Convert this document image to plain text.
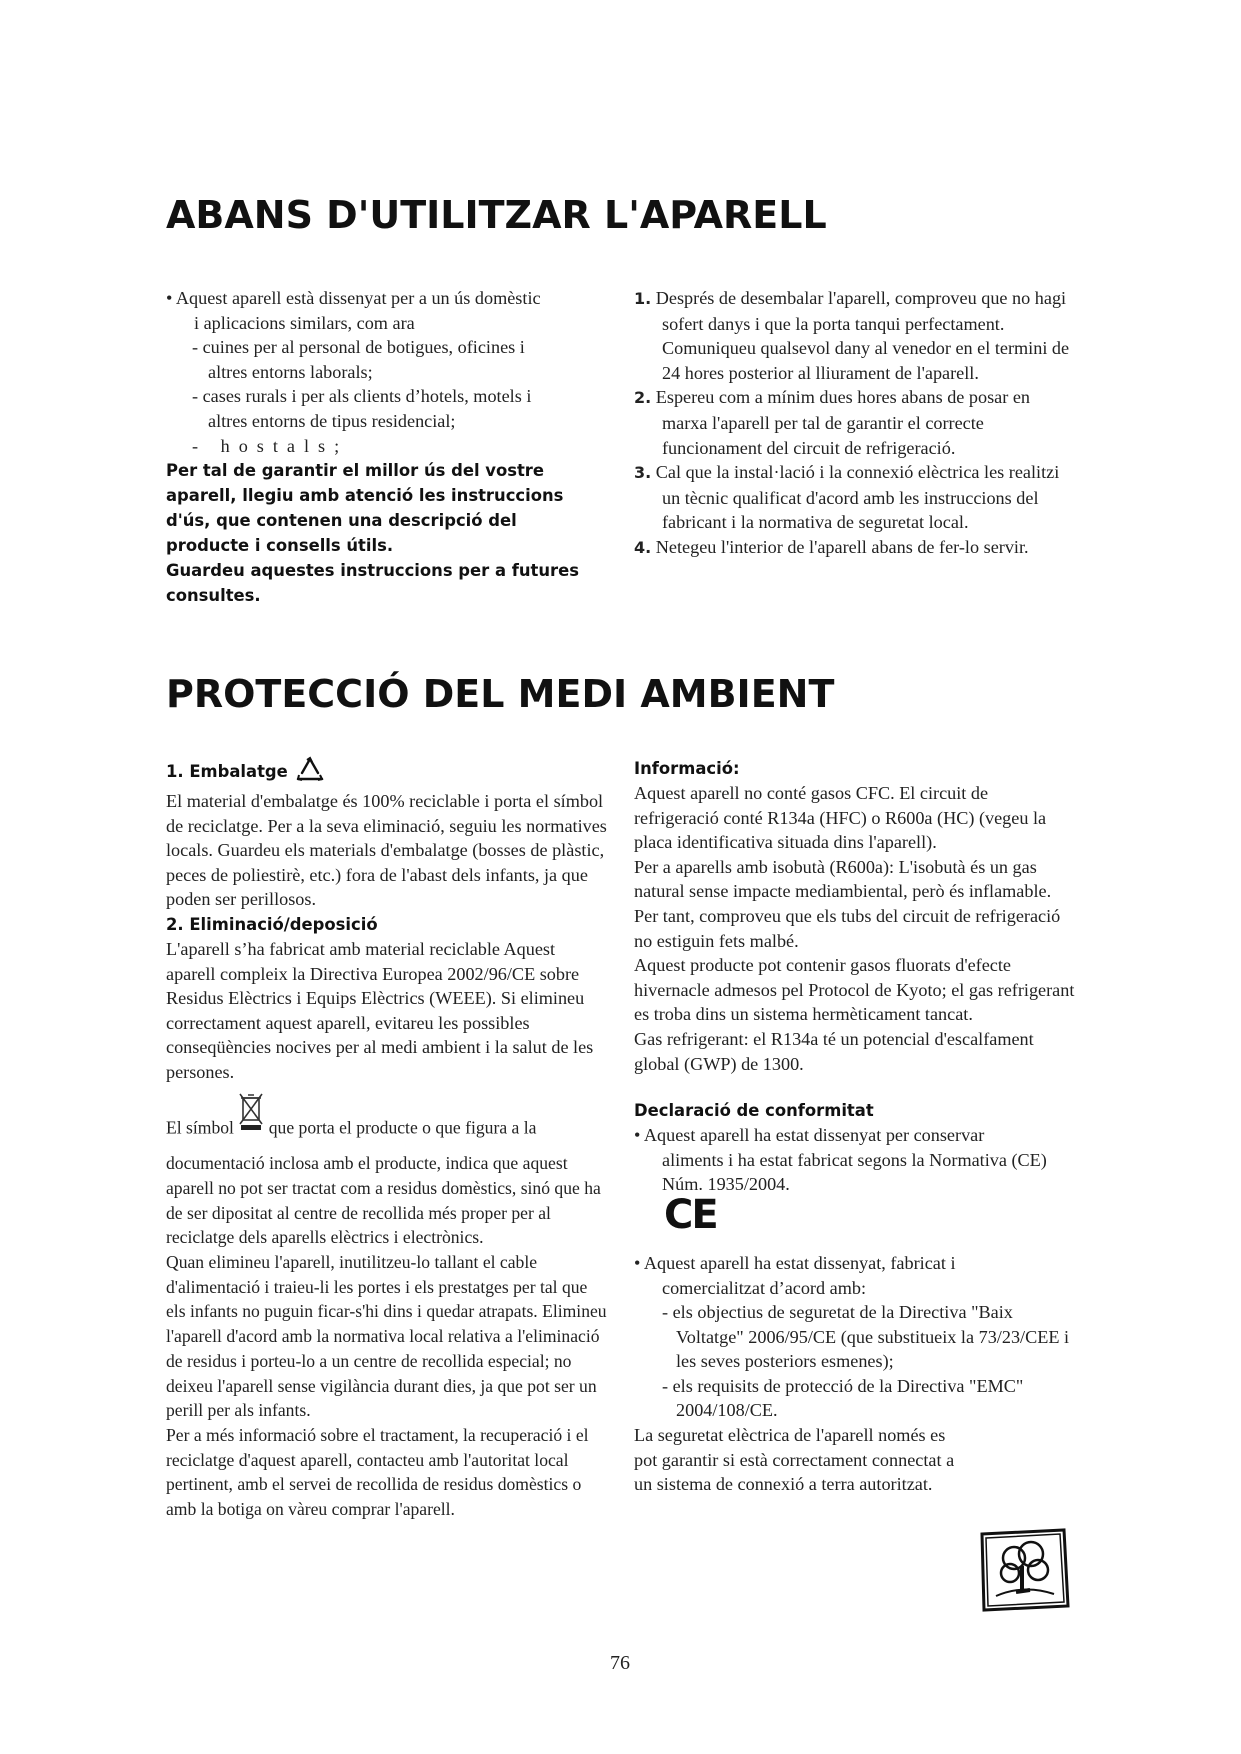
ABANS D'UTILITZAR L'APARELL
• Aquest aparell està dissenyat per a un ús domèstic
i aplicacions similars, com ara
- cuines per al personal de botigues, oficines i
altres entorns laborals;
- cases rurals i per als clients d’hotels, motels i
altres entorns de tipus residencial;
- hostals;
Per tal de garantir el millor ús del vostre aparell, llegiu amb atenció les instruccions d'ús, que contenen una descripció del producte i consells útils.
Guardeu aquestes instruccions per a futures consultes.
1. Després de desembalar l'aparell, comproveu que no hagi sofert danys i que la porta tanqui perfectament. Comuniqueu qualsevol dany al venedor en el termini de 24 hores posterior al lliurament de l'aparell.
2. Espereu com a mínim dues hores abans de posar en marxa l'aparell per tal de garantir el correcte funcionament del circuit de refrigeració.
3. Cal que la instal·lació i la connexió elèctrica les realitzi un tècnic qualificat d'acord amb les instruccions del fabricant i la normativa de seguretat local.
4. Netegeu l'interior de l'aparell abans de fer-lo servir.
PROTECCIÓ DEL MEDI AMBIENT
1. Embalatge

El material d'embalatge és 100% reciclable i porta el símbol de reciclatge. Per a la seva eliminació, seguiu les normatives locals. Guardeu els materials d'embalatge (bosses de plàstic, peces de poliestirè, etc.) fora de l'abast dels infants, ja que poden ser perillosos.

2. Eliminació/deposició

L'aparell s’ha fabricat amb material reciclable Aquest aparell compleix la Directiva Europea 2002/96/CE sobre Residus Elèctrics i Equips Elèctrics (WEEE). Si elimineu correctament aquest aparell, evitareu les possibles conseqüències nocives per al medi ambient i la salut de les persones.

El símbol que porta el producte o que figura a la documentació inclosa amb el producte, indica que aquest aparell no pot ser tractat com a residus domèstics, sinó que ha de ser dipositat al centre de recollida més proper per al reciclatge dels aparells elèctrics i electrònics.

Quan elimineu l'aparell, inutilitzeu-lo tallant el cable d'alimentació i traieu-li les portes i els prestatges per tal que els infants no puguin ficar-s'hi dins i quedar atrapats. Elimineu l'aparell d'acord amb la normativa local relativa a l'eliminació de residus i porteu-lo a un centre de recollida especial; no deixeu l'aparell sense vigilància durant dies, ja que pot ser un perill per als infants.

Per a més informació sobre el tractament, la recuperació i el reciclatge d'aquest aparell, contacteu amb l'autoritat local pertinent, amb el servei de recollida de residus domèstics o amb la botiga on vàreu comprar l'aparell.

Informació:

Aquest aparell no conté gasos CFC. El circuit de refrigeració conté R134a (HFC) o R600a (HC) (vegeu la placa identificativa situada dins l'aparell).

Per a aparells amb isobutà (R600a): L'isobutà és un gas natural sense impacte mediambiental, però és inflamable. Per tant, comproveu que els tubs del circuit de refrigeració no estiguin fets malbé.

Aquest producte pot contenir gasos fluorats d'efecte hivernacle admesos pel Protocol de Kyoto; el gas refrigerant es troba dins un sistema hermèticament tancat.

Gas refrigerant: el R134a té un potencial d'escalfament global (GWP) de 1300.

Declaració de conformitat
• Aquest aparell ha estat dissenyat per conservar
aliments i ha estat fabricat segons la Normativa (CE) Núm. 1935/2004.
CE
• Aquest aparell ha estat dissenyat, fabricat i
comercialitzat d’acord amb:
- els objectius de seguretat de la Directiva "Baix Voltatge" 2006/95/CE (que substitueix la 73/23/CEE i les seves posteriors esmenes);
- els requisits de protecció de la Directiva "EMC" 2004/108/CE.

La seguretat elèctrica de l'aparell només es pot garantir si està correctament connectat a un sistema de connexió a terra autoritzat.

76
